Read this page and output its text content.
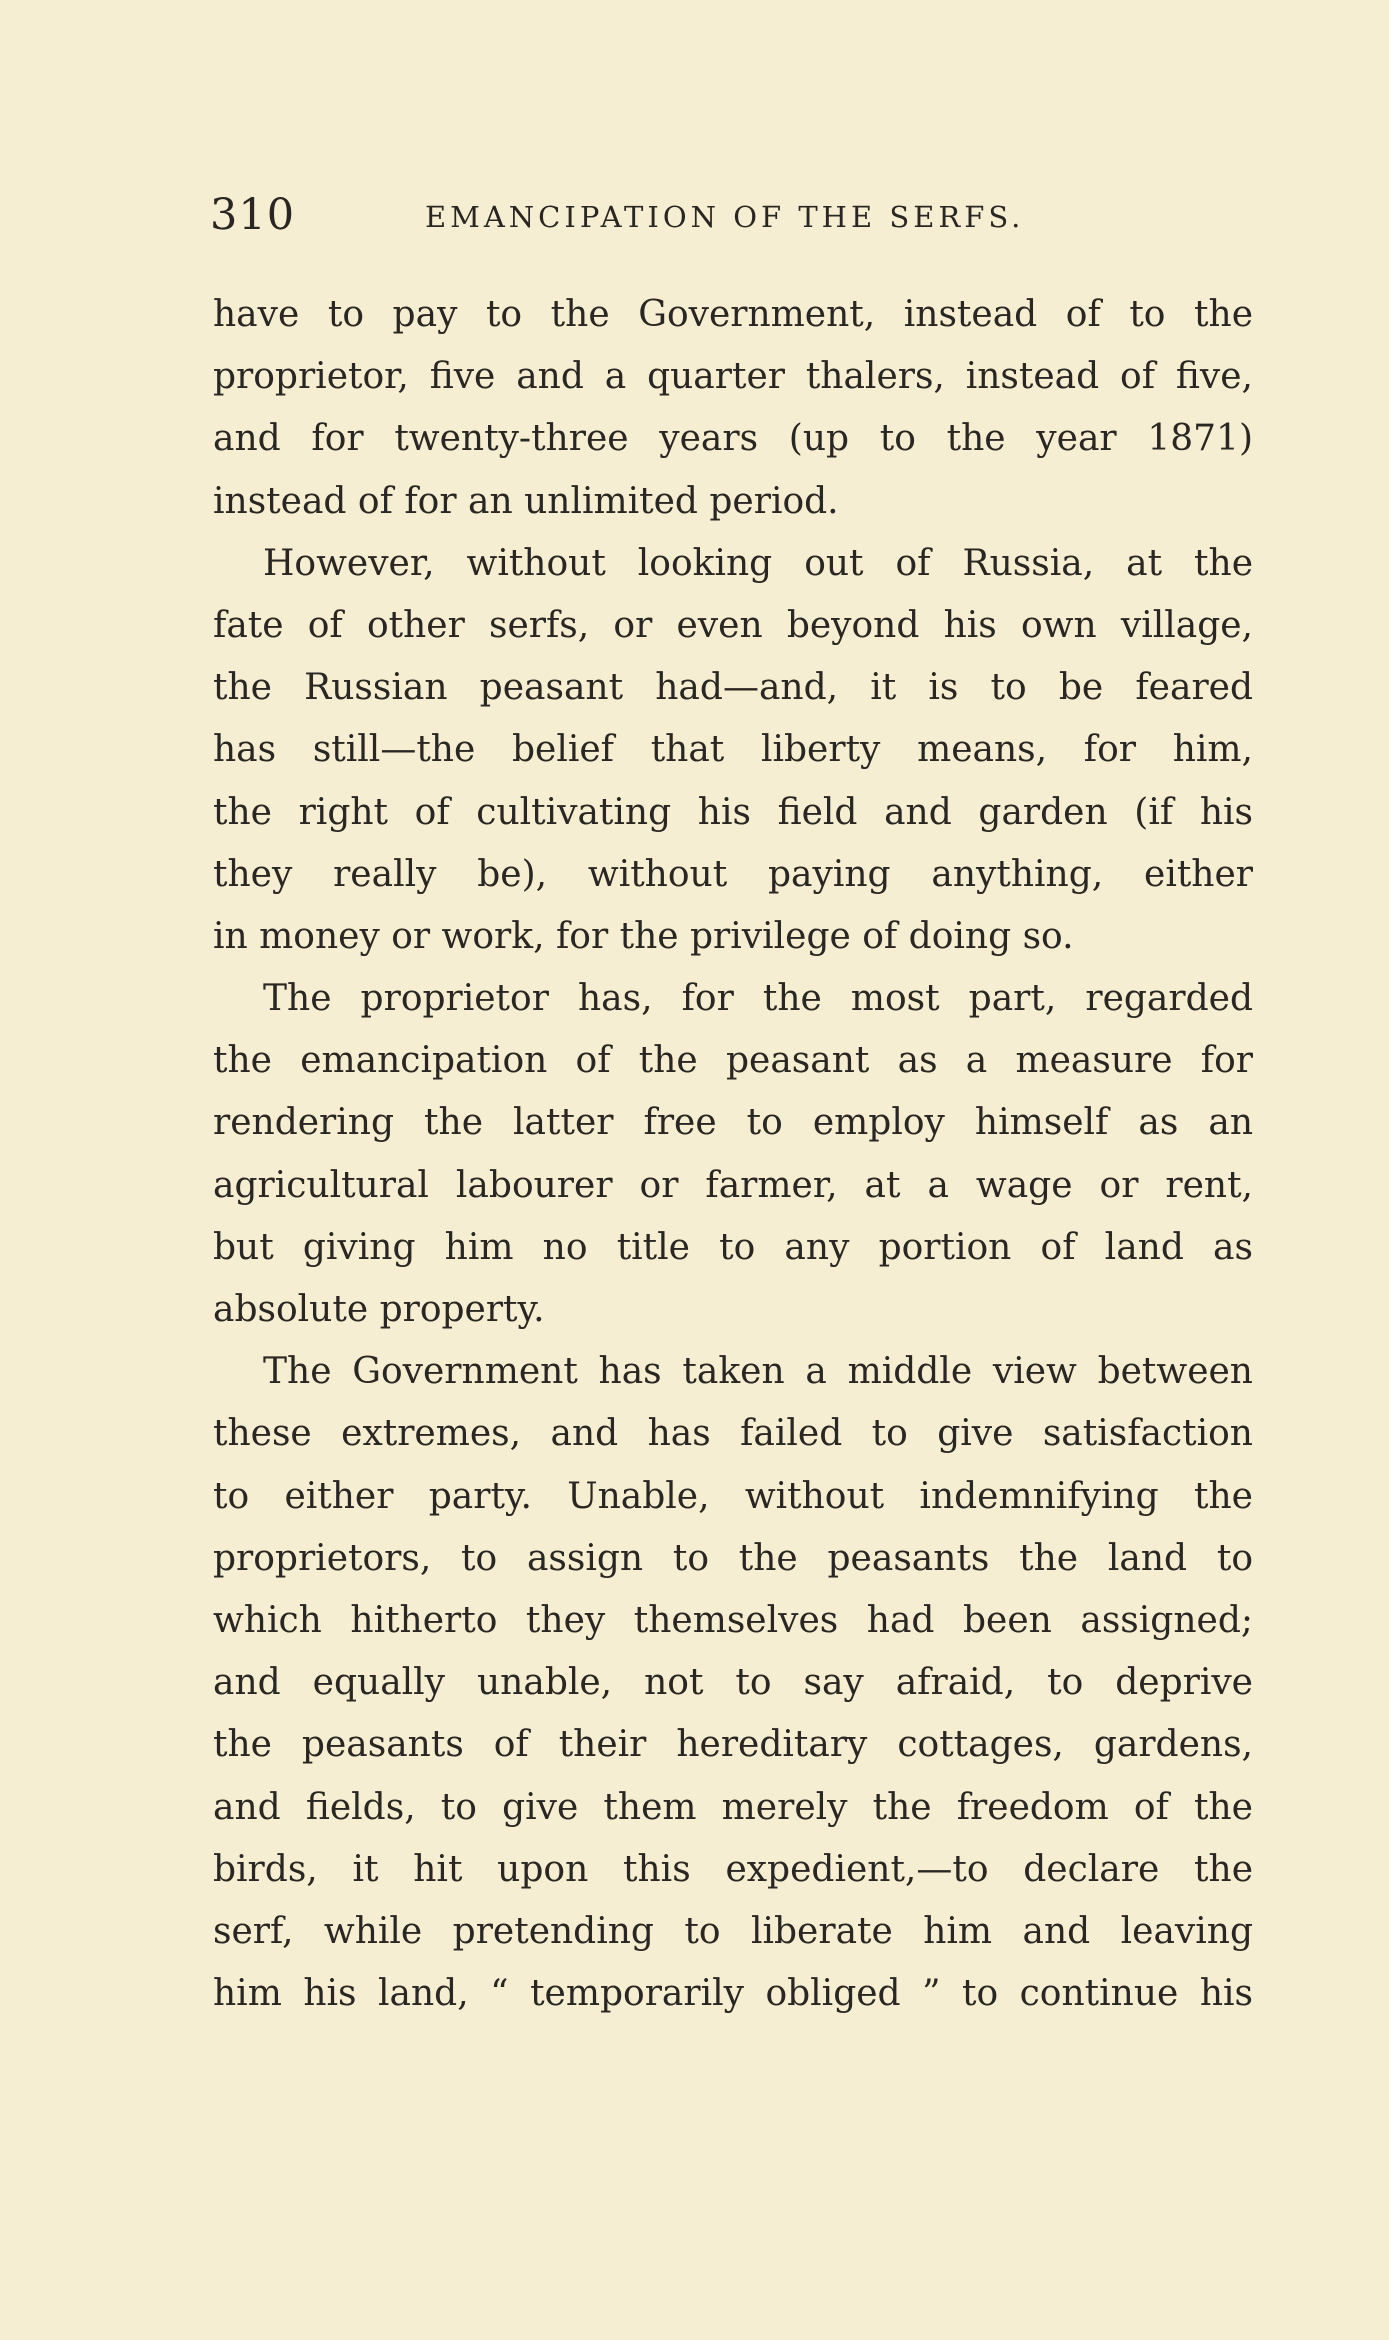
310	EMANCIPATION OF THE SERFS.
have to pay to the Government, instead of to the
proprietor, five and a quarter thalers, instead of five,
and for twenty-three years (up to the year 1871)
instead of for an unlimited period.
However, without looking out of Russia, at the
fate of other serfs, or even beyond his own village,
the Russian peasant had—and, it is to be feared
has still—the belief that liberty means, for him,
the right of cultivating his field and garden (if his
they really be), without paying anything, either
in money or work, for the privilege of doing so.
The proprietor has, for the most part, regarded
the emancipation of the peasant as a measure for
rendering the latter free to employ himself as an
agricultural labourer or farmer, at a wage or rent,
but giving him no title to any portion of land as
absolute property.
The Government has taken a middle view between
these extremes, and has failed to give satisfaction
to either party. Unable, without indemnifying the
proprietors, to assign to the peasants the land to
which hitherto they themselves had been assigned;
and equally unable, not to say afraid, to deprive
the peasants of their hereditary cottages, gardens,
and fields, to give them merely the freedom of the
birds, it hit upon this expedient,—to declare the
serf, while pretending to liberate him and leaving
him his land, “ temporarily obliged ” to continue his
